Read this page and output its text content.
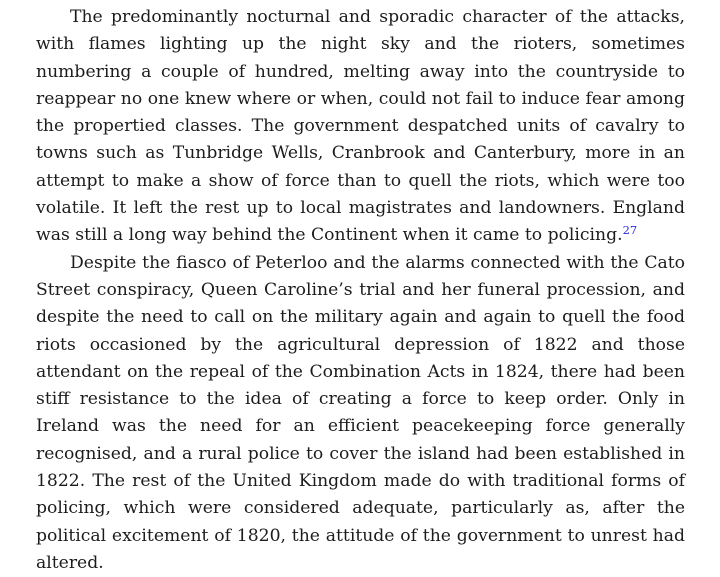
The predominantly nocturnal and sporadic character of the attacks, with flames lighting up the night sky and the rioters, sometimes numbering a couple of hundred, melting away into the countryside to reappear no one knew where or when, could not fail to induce fear among the propertied classes. The government despatched units of cavalry to towns such as Tunbridge Wells, Cranbrook and Canterbury, more in an attempt to make a show of force than to quell the riots, which were too volatile. It left the rest up to local magistrates and landowners. England was still a long way behind the Continent when it came to policing.$^{27}$

Despite the fiasco of Peterloo and the alarms connected with the Cato Street conspiracy, Queen Caroline’s trial and her funeral procession, and despite the need to call on the military again and again to quell the food riots occasioned by the agricultural depression of 1822 and those attendant on the repeal of the Combination Acts in 1824, there had been stiff resistance to the idea of creating a force to keep order. Only in Ireland was the need for an efficient peacekeeping force generally recognised, and a rural police to cover the island had been established in 1822. The rest of the United Kingdom made do with traditional forms of policing, which were considered adequate, particularly as, after the political excitement of 1820, the attitude of the government to unrest had altered.
